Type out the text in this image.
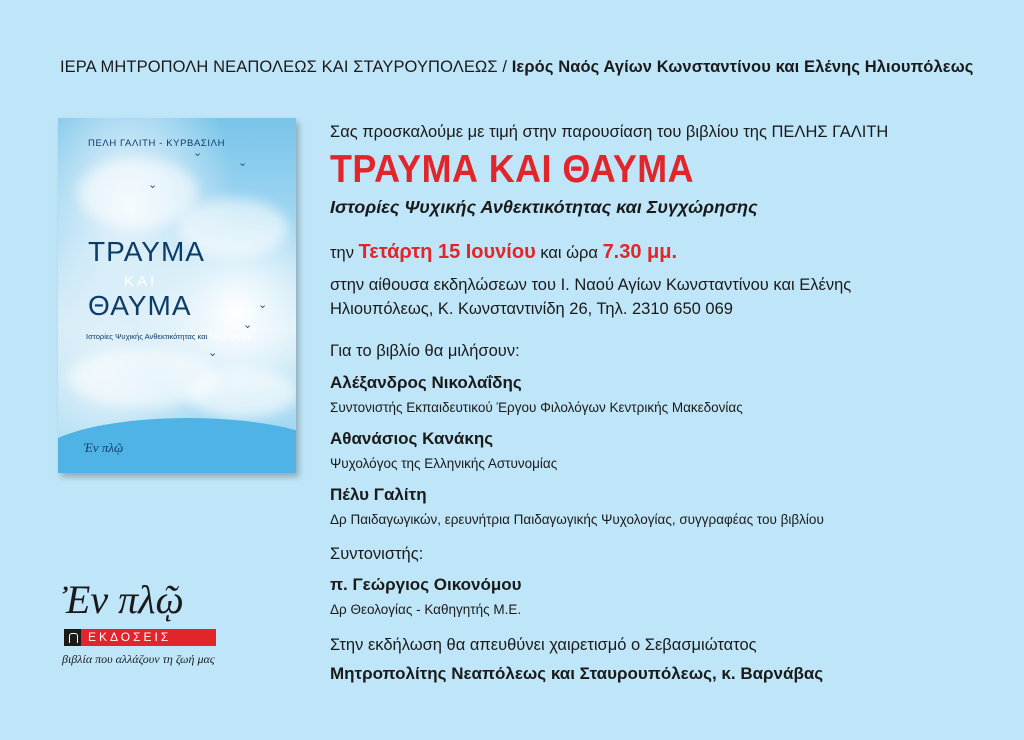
ΙΕΡΑ ΜΗΤΡΟΠΟΛΗ ΝΕΑΠΟΛΕΩΣ ΚΑΙ ΣΤΑΥΡΟΥΠΟΛΕΩΣ / Ιερός Ναός Αγίων Κωνσταντίνου και Ελένης Ηλιουπόλεως
ΠΕΛΗ ΓΑΛΙΤΗ - ΚΥΡΒΑΣΙΛΗ
ΤΡΑΥΜΑ
ΚΑΙ
ΘΑΥΜΑ
Ιστορίες Ψυχικής Ανθεκτικότητας και Συγχώρησης
⌄
⌄
⌄
⌄
⌄
⌄
Έν πλῷ
Ἐν πλῷ
ΕΚΔΟΣΕΙΣ
βιβλία που αλλάζουν τη ζωή μας
Σας προσκαλούμε με τιμή στην παρουσίαση του βιβλίου της ΠΕΛΗΣ ΓΑΛΙΤΗ
ΤΡΑΥΜΑ ΚΑΙ ΘΑΥΜΑ
Ιστορίες Ψυχικής Ανθεκτικότητας και Συγχώρησης
την Τετάρτη 15 Ιουνίου και ώρα 7.30 μμ.
στην αίθουσα εκδηλώσεων του Ι. Ναού Αγίων Κωνσταντίνου και Ελένης Ηλιουπόλεως, Κ. Κωνσταντινίδη 26, Τηλ. 2310 650 069
Για το βιβλίο θα μιλήσουν:
Αλέξανδρος Νικολαΐδης
Συντονιστής Εκπαιδευτικού Έργου Φιλολόγων Κεντρικής Μακεδονίας
Αθανάσιος Κανάκης
Ψυχολόγος της Ελληνικής Αστυνομίας
Πέλυ Γαλίτη
Δρ Παιδαγωγικών, ερευνήτρια Παιδαγωγικής Ψυχολογίας, συγγραφέας του βιβλίου
Συντονιστής:
π. Γεώργιος Οικονόμου
Δρ Θεολογίας - Καθηγητής Μ.Ε.
Στην εκδήλωση θα απευθύνει χαιρετισμό ο Σεβασμιώτατος
Μητροπολίτης Νεαπόλεως και Σταυρουπόλεως, κ. Βαρνάβας
